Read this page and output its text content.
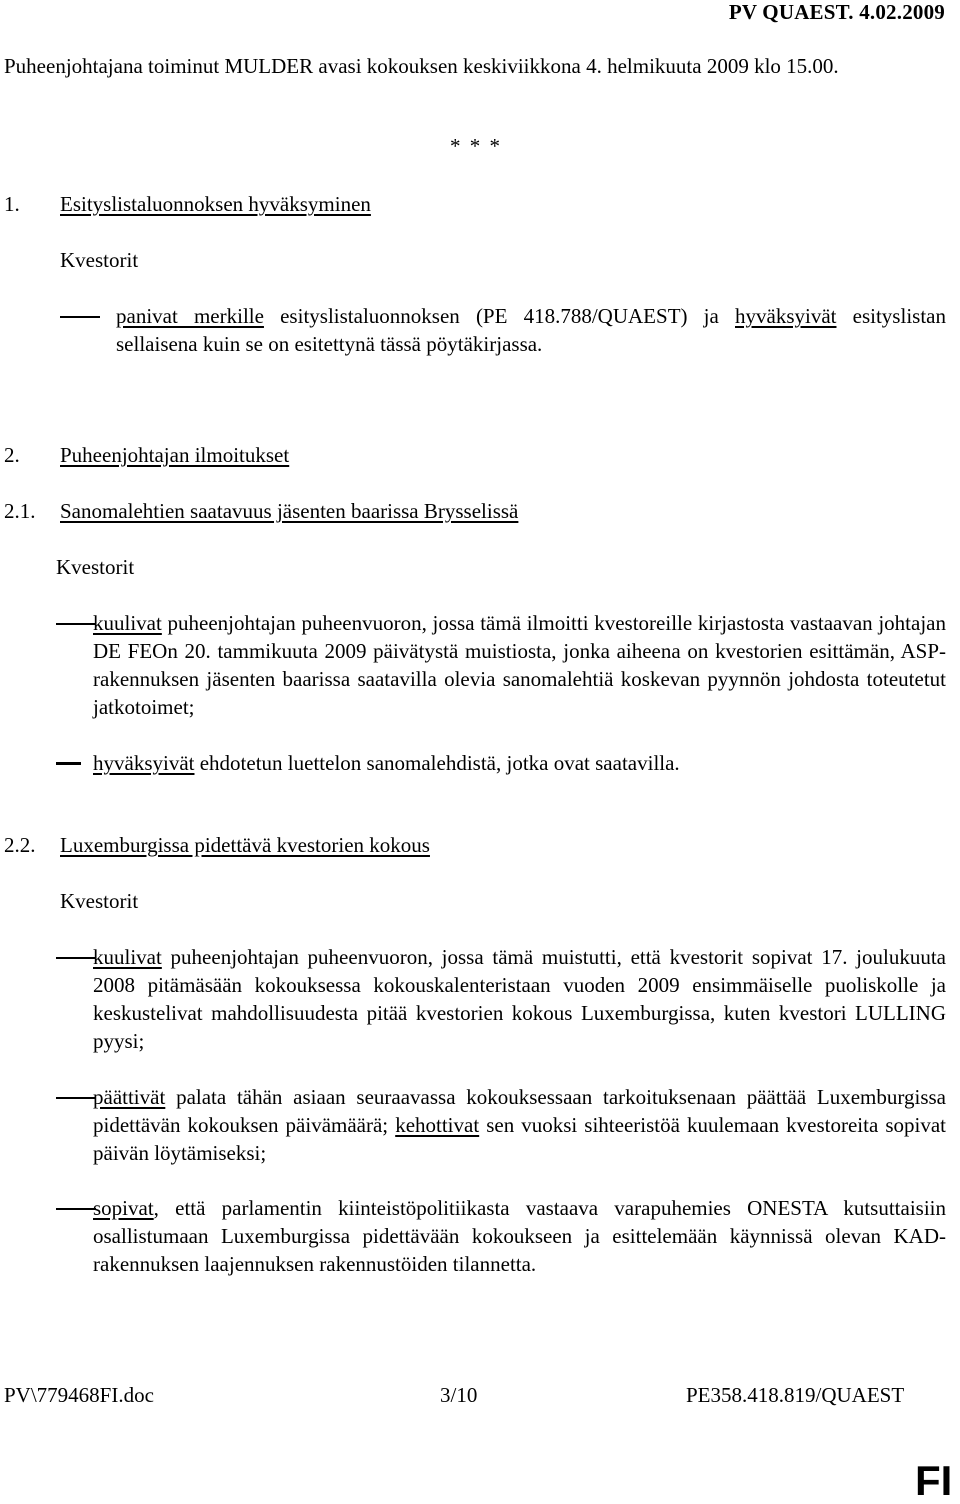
PV QUAEST. 4.02.2009
Puheenjohtajana toiminut MULDER avasi kokouksen keskiviikkona 4. helmikuuta 2009 klo 15.00.
* * *
1. Esityslistaluonnoksen hyväksyminen
Kvestorit
panivat merkille esityslistaluonnoksen (PE 418.788/QUAEST) ja hyväksyivät esityslistan sellaisena kuin se on esitettynä tässä pöytäkirjassa.
2. Puheenjohtajan ilmoitukset
2.1. Sanomalehtien saatavuus jäsenten baarissa Brysselissä
Kvestorit
kuulivat puheenjohtajan puheenvuoron, jossa tämä ilmoitti kvestoreille kirjastosta vastaavan johtajan DE FEOn 20. tammikuuta 2009 päivätystä muistiosta, jonka aiheena on kvestorien esittämän, ASP-rakennuksen jäsenten baarissa saatavilla olevia sanomalehtiä koskevan pyynnön johdosta toteutetut jatkotoimet;
hyväksyivät ehdotetun luettelon sanomalehdistä, jotka ovat saatavilla.
2.2. Luxemburgissa pidettävä kvestorien kokous
Kvestorit
kuulivat puheenjohtajan puheenvuoron, jossa tämä muistutti, että kvestorit sopivat 17. joulukuuta 2008 pitämäsään kokouksessa kokouskalenteristaan vuoden 2009 ensimmäiselle puoliskolle ja keskustelivat mahdollisuudesta pitää kvestorien kokous Luxemburgissa, kuten kvestori LULLING pyysi;
päättivät palata tähän asiaan seuraavassa kokouksessaan tarkoituksenaan päättää Luxemburgissa pidettävän kokouksen päivämäärä; kehottivat sen vuoksi sihteeristöä kuulemaan kvestoreita sopivat päivän löytämiseksi;
sopivat, että parlamentin kiinteistöpolitiikasta vastaava varapuhemies ONESTA kutsuttaisiin osallistumaan Luxemburgissa pidettävään kokoukseen ja esittelemään käynnissä olevan KAD-rakennuksen laajennuksen rakennustöiden tilannetta.
PV\779468FI.doc	3/10	PE358.418.819/QUAEST
FI
